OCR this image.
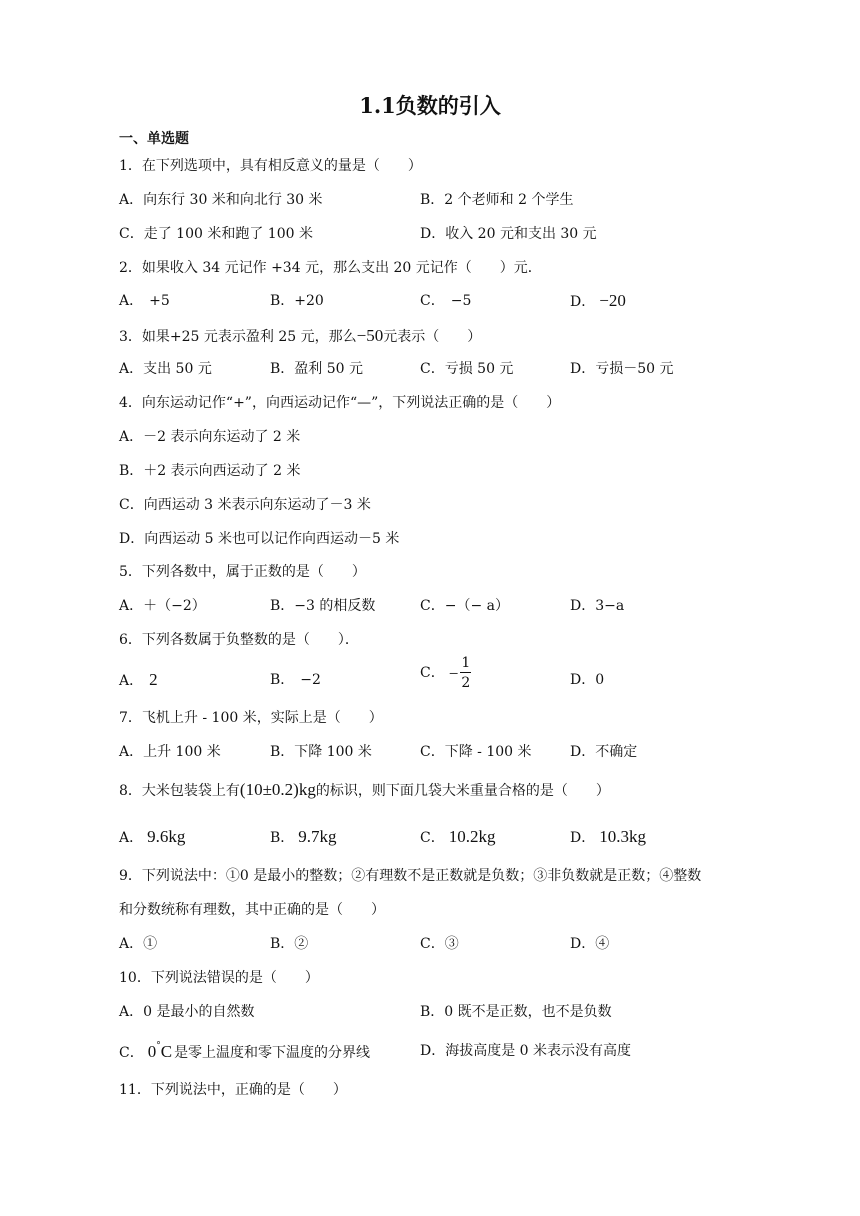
1.1负数的引入
一、单选题
1．在下列选项中，具有相反意义的量是（　　）
A．向东行 30 米和向北行 30 米	B．2 个老师和 2 个学生
C．走了 100 米和跑了 100 米	D．收入 20 元和支出 30 元
2．如果收入 34 元记作 +34 元，那么支出 20 元记作（　　）元．
A． +5	B．+20	C． −5	D． −20
3．如果+25 元表示盈利 25 元，那么−50元表示（　　）
A．支出 50 元	B．盈利 50 元	C．亏损 50 元	D．亏损－50 元
4．向东运动记作“+”，向西运动记作“—”，下列说法正确的是（　　）
A．－2 表示向东运动了 2 米
B．＋2 表示向西运动了 2 米
C．向西运动 3 米表示向东运动了－3 米
D．向西运动 5 米也可以记作向西运动－5 米
5．下列各数中，属于正数的是（　　）
A．＋（−2）	B．−3 的相反数	C．−（− a）	D．3−a
6．下列各数属于负整数的是（　　）．
A． 2	B． −2	C． − $\frac{1}{2}$	D．0
7．飞机上升 - 100 米，实际上是（　　）
A．上升 100 米	B．下降 100 米	C．下降 - 100 米	D．不确定
8．大米包装袋上有(10±0.2)kg的标识，则下面几袋大米重量合格的是（　　）
A． 9.6kg	B． 9.7kg	C． 10.2kg	D． 10.3kg
9．下列说法中：①0 是最小的整数；②有理数不是正数就是负数；③非负数就是正数；④整数
和分数统称有理数，其中正确的是（　　）
A．①	B．②	C．③	D．④
10．下列说法错误的是（　　）
A．0 是最小的自然数	B．0 既不是正数，也不是负数
C． 0°C 是零上温度和零下温度的分界线	D．海拔高度是 0 米表示没有高度
11．下列说法中，正确的是（　　）
